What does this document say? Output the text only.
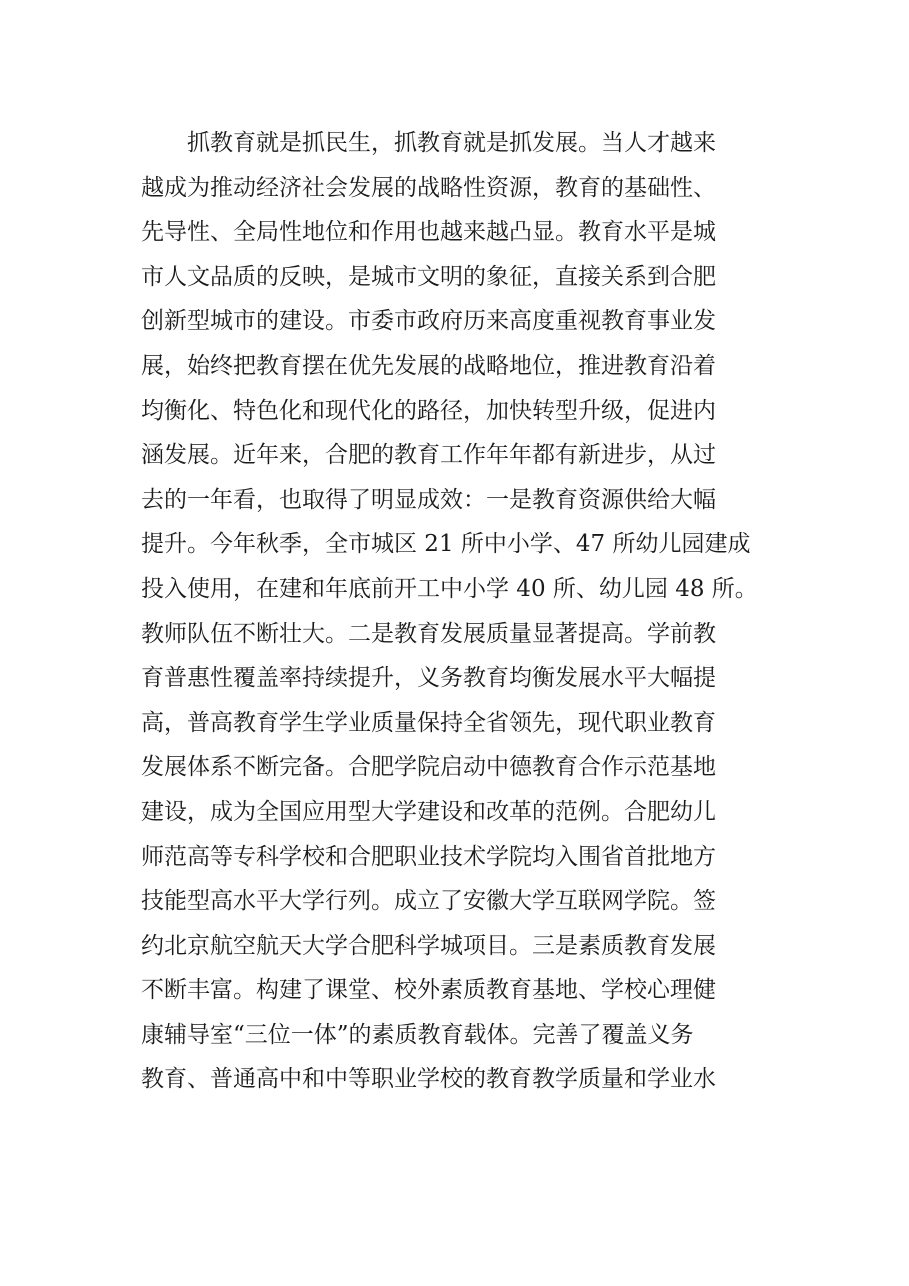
抓教育就是抓民生，抓教育就是抓发展。当人才越来
越成为推动经济社会发展的战略性资源，教育的基础性、
先导性、全局性地位和作用也越来越凸显。教育水平是城
市人文品质的反映，是城市文明的象征，直接关系到合肥
创新型城市的建设。市委市政府历来高度重视教育事业发
展，始终把教育摆在优先发展的战略地位，推进教育沿着
均衡化、特色化和现代化的路径，加快转型升级，促进内
涵发展。近年来，合肥的教育工作年年都有新进步，从过
去的一年看，也取得了明显成效：一是教育资源供给大幅
提升。今年秋季，全市城区 21 所中小学、47 所幼儿园建成
投入使用，在建和年底前开工中小学 40 所、幼儿园 48 所。
教师队伍不断壮大。二是教育发展质量显著提高。学前教
育普惠性覆盖率持续提升，义务教育均衡发展水平大幅提
高，普高教育学生学业质量保持全省领先，现代职业教育
发展体系不断完备。合肥学院启动中德教育合作示范基地
建设，成为全国应用型大学建设和改革的范例。合肥幼儿
师范高等专科学校和合肥职业技术学院均入围省首批地方
技能型高水平大学行列。成立了安徽大学互联网学院。签
约北京航空航天大学合肥科学城项目。三是素质教育发展
不断丰富。构建了课堂、校外素质教育基地、学校心理健
康辅导室“三位一体”的素质教育载体。完善了覆盖义务
教育、普通高中和中等职业学校的教育教学质量和学业水
